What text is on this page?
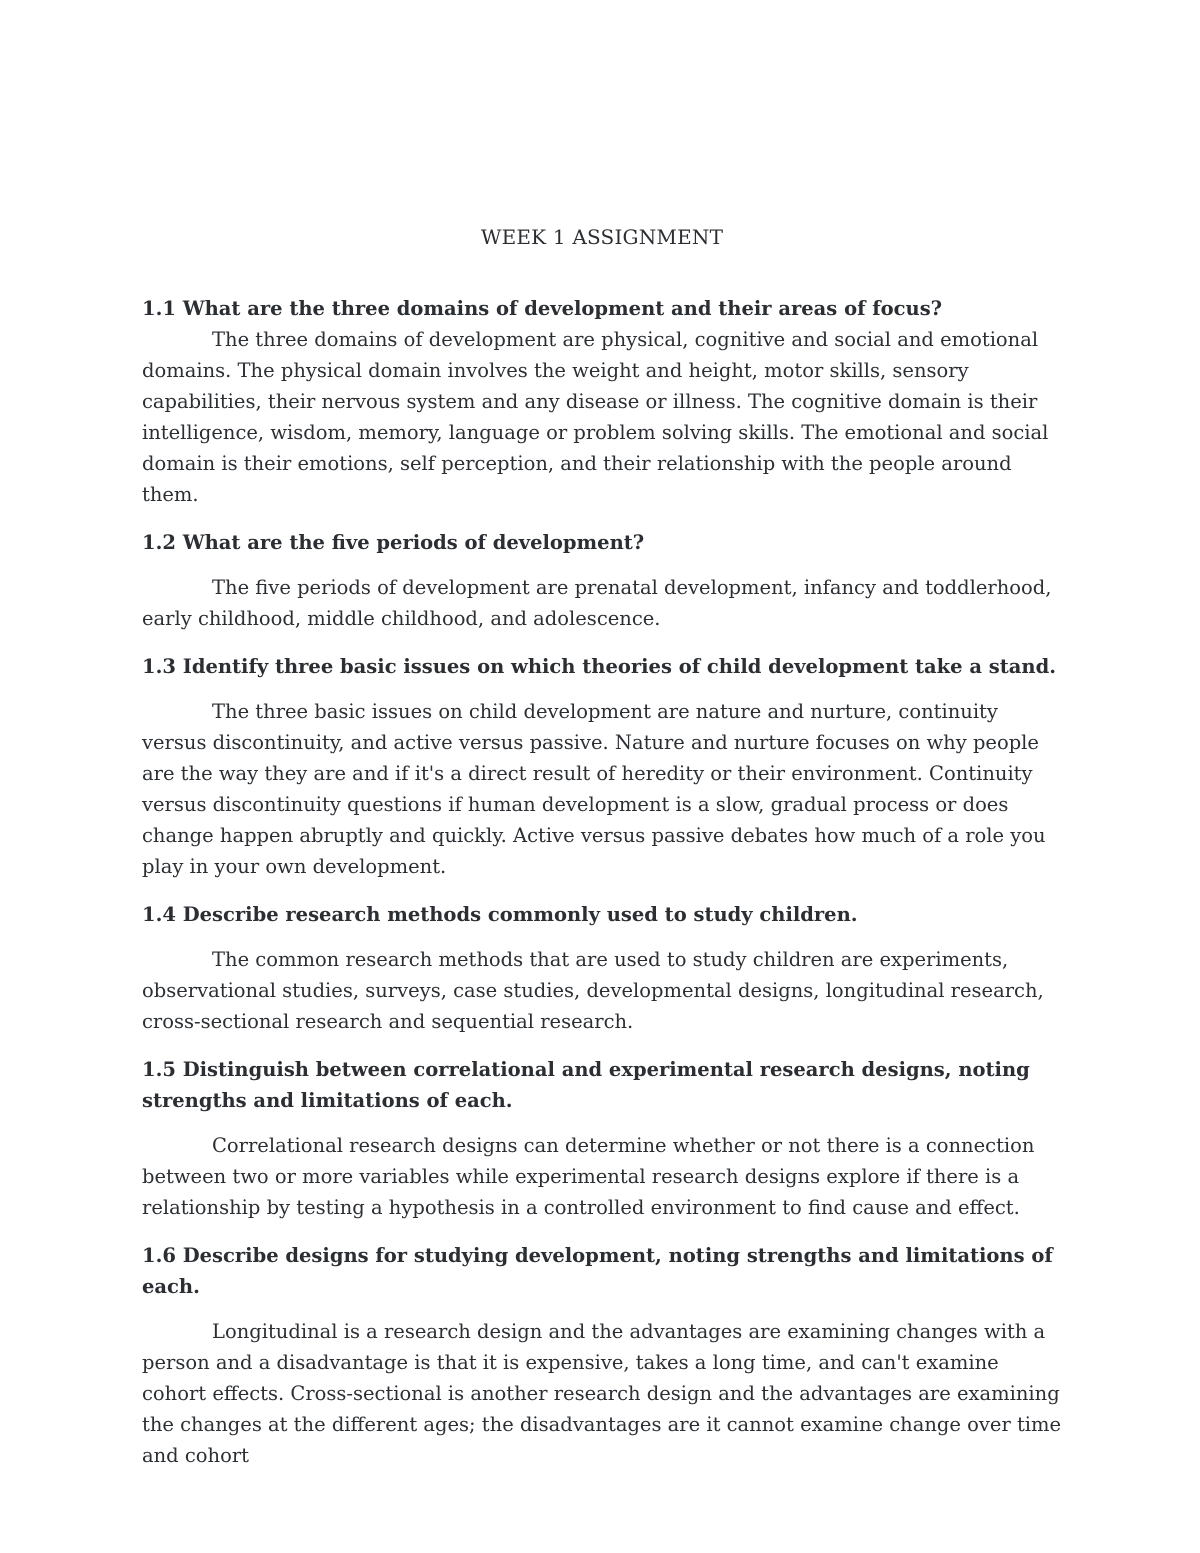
WEEK 1 ASSIGNMENT

1.1 What are the three domains of development and their areas of focus?

The three domains of development are physical, cognitive and social and emotional domains. The physical domain involves the weight and height, motor skills, sensory capabilities, their nervous system and any disease or illness. The cognitive domain is their intelligence, wisdom, memory, language or problem solving skills. The emotional and social domain is their emotions, self perception, and their relationship with the people around them.

1.2 What are the five periods of development?

The five periods of development are prenatal development, infancy and toddlerhood, early childhood, middle childhood, and adolescence.

1.3 Identify three basic issues on which theories of child development take a stand.

The three basic issues on child development are nature and nurture, continuity versus discontinuity, and active versus passive. Nature and nurture focuses on why people are the way they are and if it's a direct result of heredity or their environment. Continuity versus discontinuity questions if human development is a slow, gradual process or does change happen abruptly and quickly. Active versus passive debates how much of a role you play in your own development.

1.4 Describe research methods commonly used to study children.

The common research methods that are used to study children are experiments, observational studies, surveys, case studies, developmental designs, longitudinal research, cross-sectional research and sequential research.

1.5 Distinguish between correlational and experimental research designs, noting strengths and limitations of each.

Correlational research designs can determine whether or not there is a connection between two or more variables while experimental research designs explore if there is a relationship by testing a hypothesis in a controlled environment to find cause and effect.

1.6 Describe designs for studying development, noting strengths and limitations of each.

Longitudinal is a research design and the advantages are examining changes with a person and a disadvantage is that it is expensive, takes a long time, and can't examine cohort effects. Cross-sectional is another research design and the advantages are examining the changes at the different ages; the disadvantages are it cannot examine change over time and cohort
